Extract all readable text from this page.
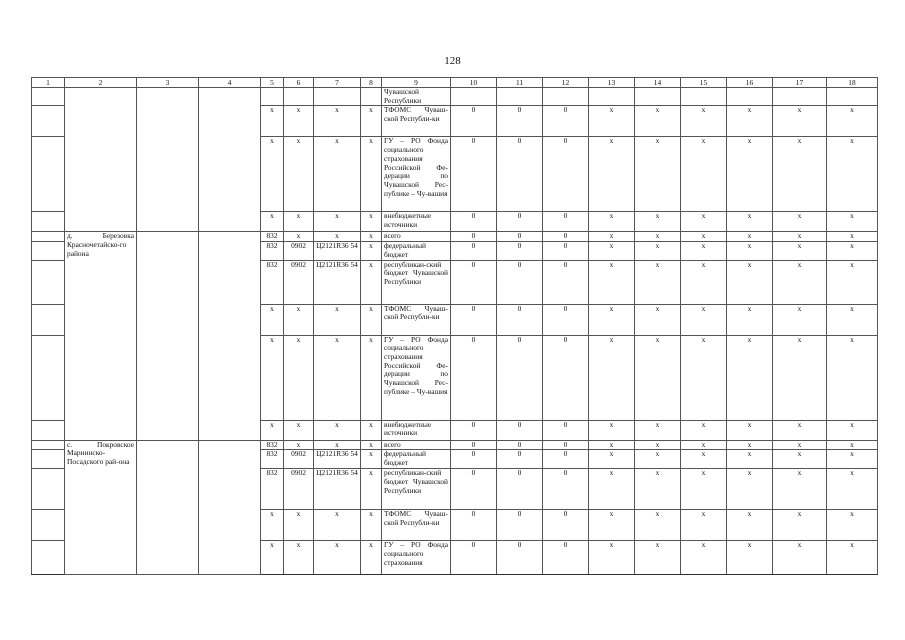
128
1	2	3	4	5	6	7	8	9	10	11	12	13	14	15	16	17	18
								Чувашской Республики									
				x	x	x	x	ТФОМС Чуваш-ской Республи-ки	0	0	0	x	x	x	x	x	x
				x	x	x	x	ГУ – РО Фонда социального страхования Российской Фе-дерации по Чувашской Рес-публике – Чу-вашия	0	0	0	x	x	x	x	x	x
				x	x	x	x	внебюджетные источники	0	0	0	x	x	x	x	x	x
	д. Березовка Красночетайско-го района			832	x	x	x	всего	0	0	0	x	x	x	x	x	x
				832	0902	Ц2121R36 54	x	федеральный бюджет	0	0	0	x	x	x	x	x	x
				832	0902	Ц2121R36 54	x	республикан-ский бюджет Чувашской Республики	0	0	0	x	x	x	x	x	x
				x	x	x	x	ТФОМС Чуваш-ской Республи-ки	0	0	0	x	x	x	x	x	x
				x	x	x	x	ГУ – РО Фонда социального страхования Российской Фе-дерации по Чувашской Рес-публике – Чу-вашия	0	0	0	x	x	x	x	x	x
				x	x	x	x	внебюджетные источники	0	0	0	x	x	x	x	x	x
	с. Покровское Мариинско-Посадского рай-она			832	x	x	x	всего	0	0	0	x	x	x	x	x	x
				832	0902	Ц2121R36 54	x	федеральный бюджет	0	0	0	x	x	x	x	x	x
				832	0902	Ц2121R36 54	x	республикан-ский бюджет Чувашской Республики	0	0	0	x	x	x	x	x	x
				x	x	x	x	ТФОМС Чуваш-ской Республи-ки	0	0	0	x	x	x	x	x	x
				x	x	x	x	ГУ – РО Фонда социального страхования	0	0	0	x	x	x	x	x	x
